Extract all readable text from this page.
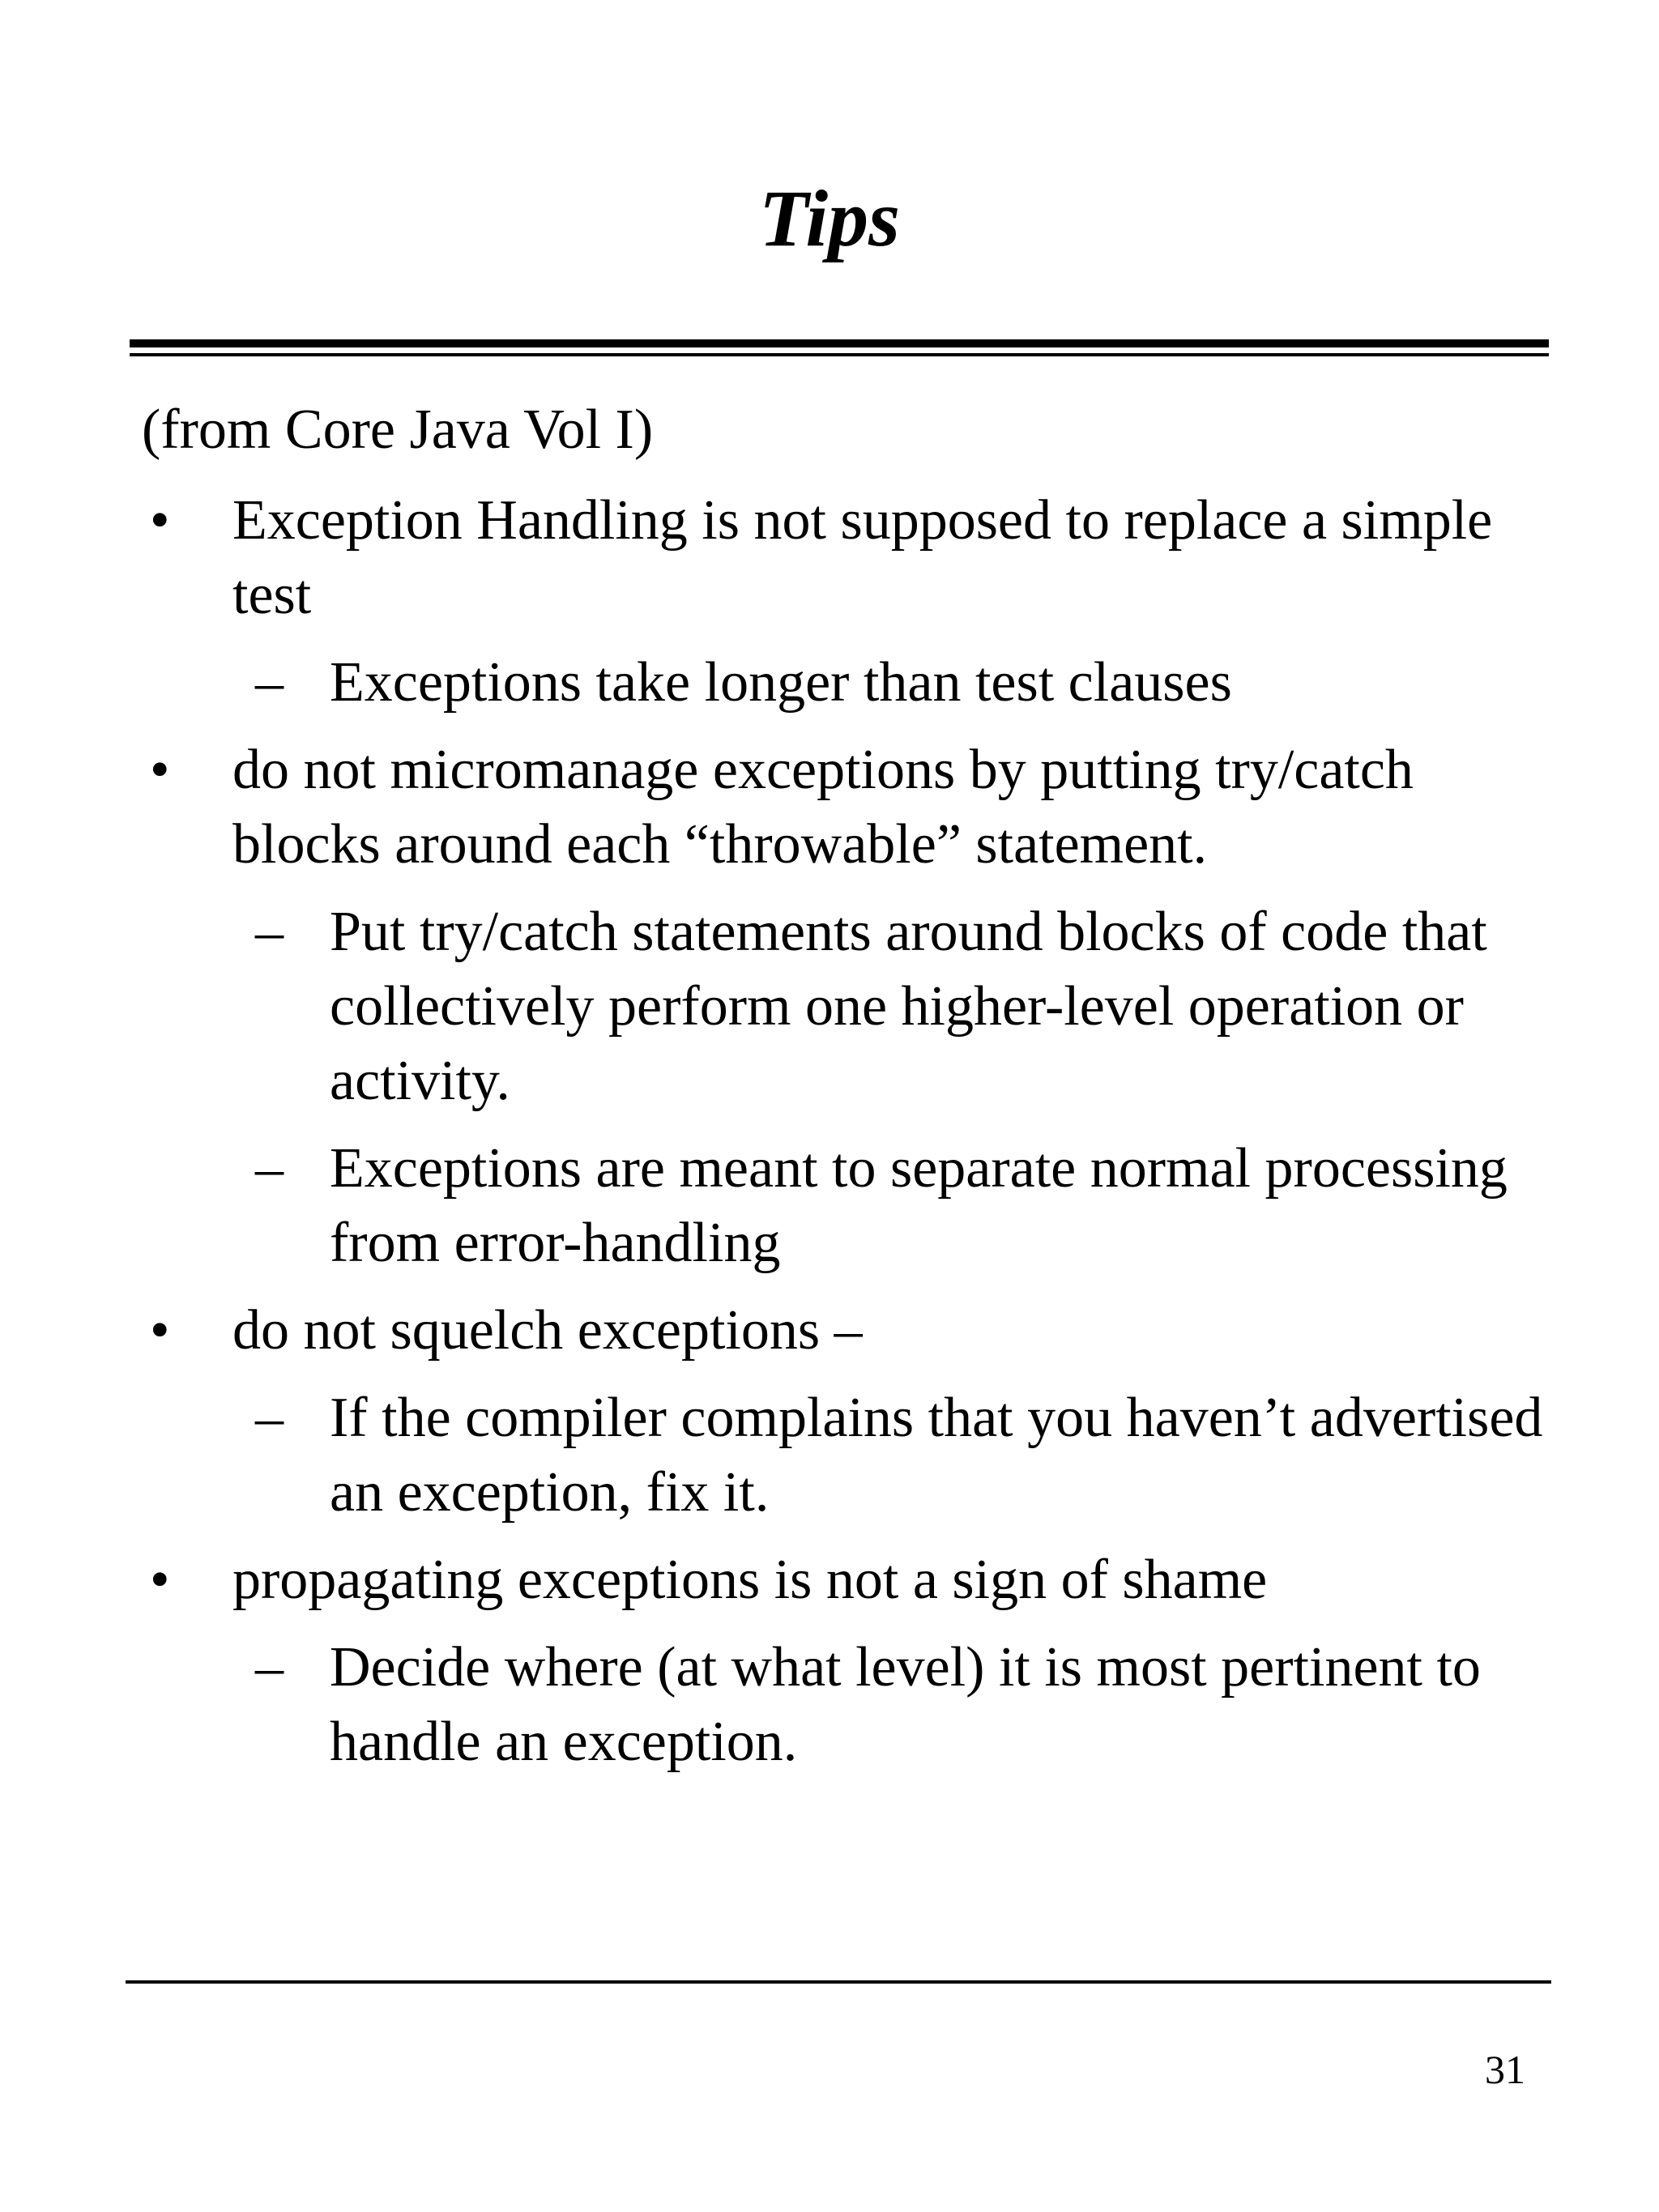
Tips
(from Core Java Vol I)
• Exception Handling is not supposed to replace a simple test
– Exceptions take longer than test clauses
• do not micromanage exceptions by putting try/catch blocks around each “throwable” statement.
– Put try/catch statements around blocks of code that collectively perform one higher-level operation or activity.
– Exceptions are meant to separate normal processing from error-handling
• do not squelch exceptions –
– If the compiler complains that you haven’t advertised an exception, fix it.
• propagating exceptions is not a sign of shame
– Decide where (at what level) it is most pertinent to handle an exception.
31
